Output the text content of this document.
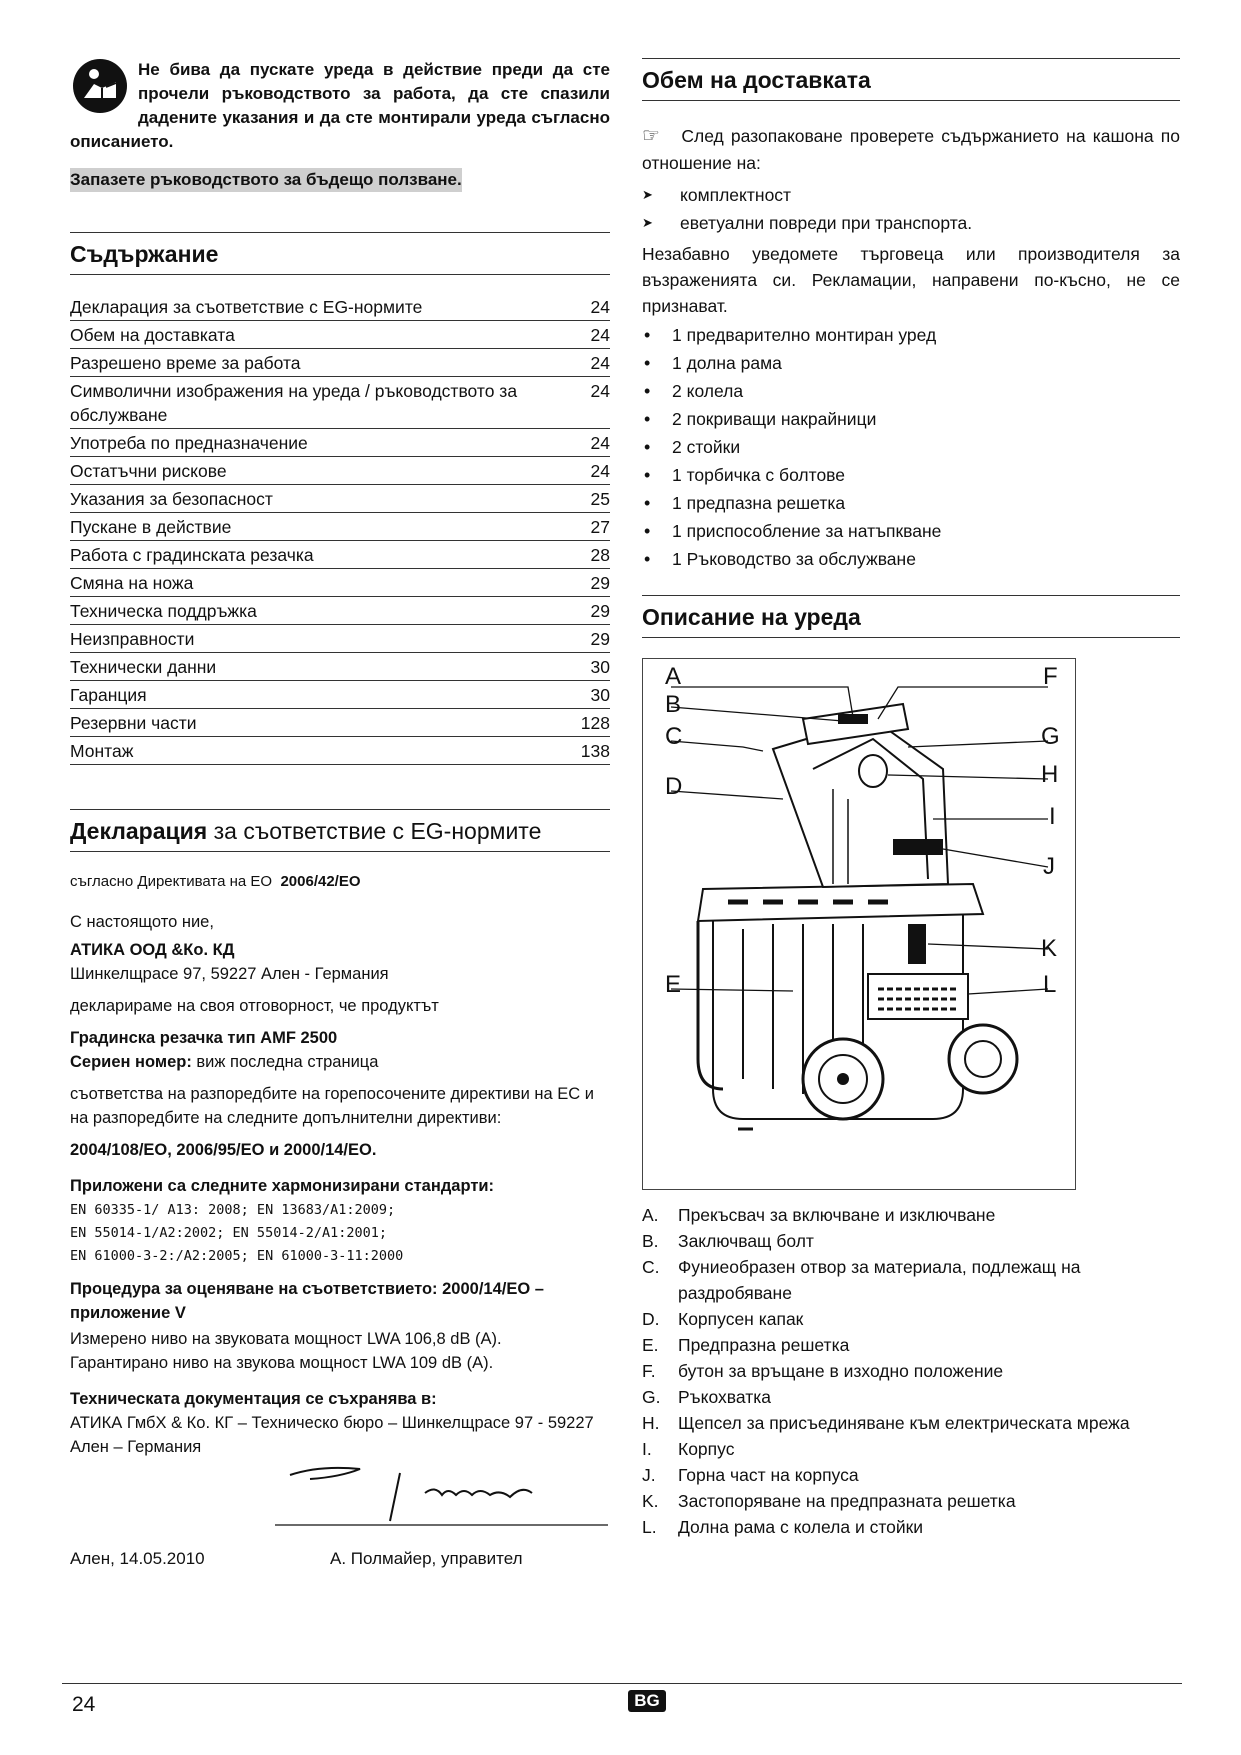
Не бива да пускате уреда в действие преди да сте прочели ръководството за работа, да сте спазили дадените указания и да сте монтирали уреда съгласно описанието.
Запазете ръководството за бъдещо ползване.
Съдържание
Декларация за съответствие с EG-нормите	24
Обем на доставката	24
Разрешено време за работа	24
Символични изображения на уреда / ръководството за обслужване	24
Употреба по предназначение	24
Остатъчни рискове	24
Указания за безопасност	25
Пускане в действие	27
Работа с градинската резачка	28
Смяна на ножа	29
Техническа поддръжка	29
Неизправности	29
Технически данни	30
Гаранция	30
Резервни части	128
Монтаж	138
Декларация за съответствие с EG-нормите

съгласно Директивата на ЕО 2006/42/EO

С настоящото ние,

АТИКА ООД &Ко. КД
Шинкелщрасе 97, 59227 Ален - Германия

декларираме на своя отговорност, че продуктът

Градинска резачка тип AMF 2500
Сериен номер: виж последна страница

съответства на разпоредбите на горепосочените директиви на ЕС и на разпоредбите на следните допълнителни директиви:

2004/108/EO, 2006/95/EO и 2000/14/EO.

Приложени са следните хармонизирани стандарти:

EN 60335-1/ A13: 2008; EN 13683/A1:2009;
EN 55014-1/A2:2002; EN 55014-2/A1:2001;
EN 61000-3-2:/A2:2005; EN 61000-3-11:2000

Процедура за оценяване на съответствието: 2000/14/EO – приложение V

Измерено ниво на звуковата мощност LWA 106,8 dB (A).
Гарантирано ниво на звукова мощност LWA 109 dB (A).

Техническата документация се съхранява в:
АТИКА ГмбХ & Ко. КГ – Техническо бюро – Шинкелщрасе 97 - 59227 Ален – Германия

Ален, 14.05.2010	А. Полмайер, управител
Обем на доставката
☞ След разопаковане проверете съдържанието на кашона по отношение на:
➤ комплектност
➤ еветуални повреди при транспорта.
Незабавно уведомете търговеца или производителя за възраженията си. Рекламации, направени по-късно, не се признават.
• 1 предварително монтиран уред
• 1 долна рама
• 2 колела
• 2 покриващи накрайници
• 2 стойки
• 1 торбичка с болтове
• 1 предпазна решетка
• 1 приспособление за натъпкване
• 1 Ръководство за обслужване
Описание на уреда
A
B
C
D
E
F
G
H
I
J
K
L
A.	Прекъсвач за включване и изключване
B.	Заключващ болт
C.	Фуниеобразен отвор за материала, подлежащ на раздробяване
D.	Корпусен капак
E.	Предпразна решетка
F.	бутон за връщане в изходно положение
G.	Ръкохватка
H.	Щепсел за присъединяване към електрическата мрежа
I.	Корпус
J.	Горна част на корпуса
K.	Застопоряване на предпразната решетка
L.	Долна рама с колела и стойки
24	BG
